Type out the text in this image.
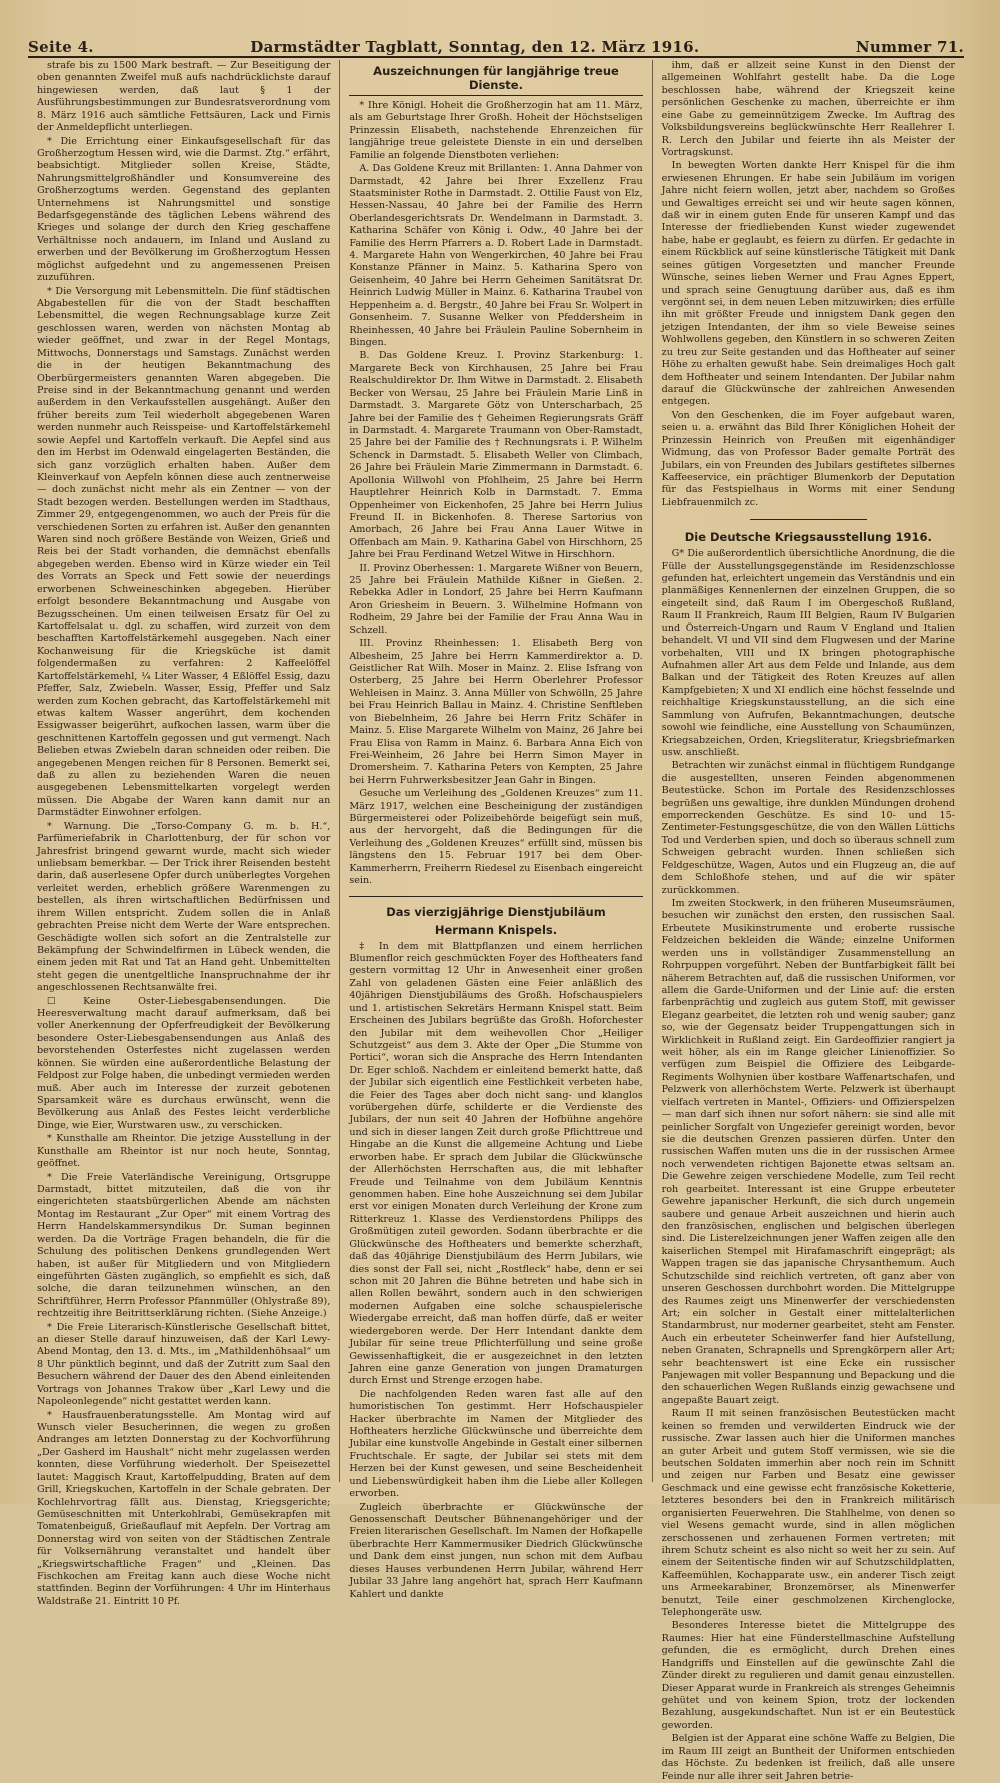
Seite 4.	Darmstädter Tagblatt, Sonntag, den 12. März 1916.	Nummer 71.

strafe bis zu 1500 Mark bestraft. — Zur Beseitigung der oben genannten Zweifel muß aufs nachdrücklichste darauf hingewiesen werden, daß laut § 1 der Ausführungsbestimmungen zur Bundesratsverordnung vom 8. März 1916 auch sämtliche Fettsäuren, Lack und Firnis der Anmeldepflicht unterliegen.

* Die Errichtung einer Einkaufsgesellschaft für das Großherzogtum Hessen wird, wie die Darmst. Ztg.“ erfährt, beabsichtigt. Mitglieder sollen Kreise, Städte, Nahrungsmittelgroßhändler und Konsumvereine des Großherzogtums werden. Gegenstand des geplanten Unternehmens ist Nahrungsmittel und sonstige Bedarfsgegenstände des täglichen Lebens während des Krieges und solange der durch den Krieg geschaffene Verhältnisse noch andauern, im Inland und Ausland zu erwerben und der Bevölkerung im Großherzogtum Hessen möglichst aufgedehnt und zu angemessenen Preisen zuzuführen.

* Die Versorgung mit Lebensmitteln. Die fünf städtischen Abgabestellen für die von der Stadt beschafften Lebensmittel, die wegen Rechnungsablage kurze Zeit geschlossen waren, werden von nächsten Montag ab wieder geöffnet, und zwar in der Regel Montags, Mittwochs, Donnerstags und Samstags. Zunächst werden die in der heutigen Bekanntmachung des Oberbürgermeisters genannten Waren abgegeben. Die Preise sind in der Bekanntmachung genannt und werden außerdem in den Verkaufsstellen ausgehängt. Außer den früher bereits zum Teil wiederholt abgegebenen Waren werden nunmehr auch Reisspeise- und Kartoffelstärkemehl sowie Aepfel und Kartoffeln verkauft. Die Aepfel sind aus den im Herbst im Odenwald eingelagerten Beständen, die sich ganz vorzüglich erhalten haben. Außer dem Kleinverkauf von Aepfeln können diese auch zentnerweise — doch zunächst nicht mehr als ein Zentner — von der Stadt bezogen werden. Bestellungen werden im Stadthaus, Zimmer 29, entgegengenommen, wo auch der Preis für die verschiedenen Sorten zu erfahren ist. Außer den genannten Waren sind noch größere Bestände von Weizen, Grieß und Reis bei der Stadt vorhanden, die demnächst ebenfalls abgegeben werden. Ebenso wird in Kürze wieder ein Teil des Vorrats an Speck und Fett sowie der neuerdings erworbenen Schweineschinken abgegeben. Hierüber erfolgt besondere Bekanntmachung und Ausgabe von Bezugsscheinen. Um einen teilweisen Ersatz für Oel zu Kartoffelsalat u. dgl. zu schaffen, wird zurzeit von dem beschafften Kartoffelstärkemehl ausgegeben. Nach einer Kochanweisung für die Kriegsküche ist damit folgendermaßen zu verfahren: 2 Kaffeelöffel Kartoffelstärkemehl, ¼ Liter Wasser, 4 Eßlöffel Essig, dazu Pfeffer, Salz, Zwiebeln. Wasser, Essig, Pfeffer und Salz werden zum Kochen gebracht, das Kartoffelstärkemehl mit etwas kaltem Wasser angerührt, dem kochenden Essigwasser beigerührt, aufkochen lassen, warm über die geschnittenen Kartoffeln gegossen und gut vermengt. Nach Belieben etwas Zwiebeln daran schneiden oder reiben. Die angegebenen Mengen reichen für 8 Personen. Bemerkt sei, daß zu allen zu beziehenden Waren die neuen ausgegebenen Lebensmittelkarten vorgelegt werden müssen. Die Abgabe der Waren kann damit nur an Darmstädter Einwohner erfolgen.

* Warnung. Die „Torso-Company G. m. b. H.“, Parfümeriefabrik in Charlottenburg, der für schon vor Jahresfrist bringend gewarnt wurde, macht sich wieder unliebsam bemerkbar. — Der Trick ihrer Reisenden besteht darin, daß auserlesene Opfer durch unüberlegtes Vorgehen verleitet werden, erheblich größere Warenmengen zu bestellen, als ihren wirtschaftlichen Bedürfnissen und ihrem Willen entspricht. Zudem sollen die in Anlaß gebrachten Preise nicht dem Werte der Ware entsprechen. Geschädigte wollen sich sofort an die Zentralstelle zur Bekämpfung der Schwindelfirmen in Lübeck wenden, die einem jeden mit Rat und Tat an Hand geht. Unbemittelten steht gegen die unentgeltliche Inanspruchnahme der ihr angeschlossenen Rechtsanwälte frei.

☐ Keine Oster-Liebesgabensendungen. Die Heeresverwaltung macht darauf aufmerksam, daß bei voller Anerkennung der Opferfreudigkeit der Bevölkerung besondere Oster-Liebesgabensendungen aus Anlaß des bevorstehenden Osterfestes nicht zugelassen werden können. Sie würden eine außerordentliche Belastung der Feldpost zur Folge haben, die unbedingt vermieden werden muß. Aber auch im Interesse der zurzeit gebotenen Sparsamkeit wäre es durchaus erwünscht, wenn die Bevölkerung aus Anlaß des Festes leicht verderbliche Dinge, wie Eier, Wurstwaren usw., zu verschicken.

* Kunsthalle am Rheintor. Die jetzige Ausstellung in der Kunsthalle am Rheintor ist nur noch heute, Sonntag, geöffnet.

* Die Freie Vaterländische Vereinigung, Ortsgruppe Darmstadt, bittet mitzuteilen, daß die von ihr eingerichteten staatsbürgerlichen Abende am nächsten Montag im Restaurant „Zur Oper“ mit einem Vortrag des Herrn Handelskammersyndikus Dr. Suman beginnen werden. Da die Vorträge Fragen behandeln, die für die Schulung des politischen Denkens grundlegenden Wert haben, ist außer für Mitgliedern und von Mitgliedern eingeführten Gästen zugänglich, so empfiehlt es sich, daß solche, die daran teilzunehmen wünschen, an den Schriftführer, Herrn Professor Pfannmüller (Ohlystraße 89), rechtzeitig ihre Beitrittserklärung richten. (Siehe Anzeige.)

* Die Freie Literarisch-Künstlerische Gesellschaft bittet, an dieser Stelle darauf hinzuweisen, daß der Karl Lewy-Abend Montag, den 13. d. Mts., im „Mathildenhöhsaal“ um 8 Uhr pünktlich beginnt, und daß der Zutritt zum Saal den Besuchern während der Dauer des den Abend einleitenden Vortrags von Johannes Trakow über „Karl Lewy und die Napoleonlegende“ nicht gestattet werden kann.

* Hausfrauenberatungsstelle. Am Montag wird auf Wunsch vieler Besucherinnen, die wegen zu großen Andranges am letzten Donnerstag zu der Kochvorführung „Der Gasherd im Haushalt“ nicht mehr zugelassen werden konnten, diese Vorführung wiederholt. Der Speisezettel lautet: Maggisch Kraut, Kartoffelpudding, Braten auf dem Grill, Kriegskuchen, Kartoffeln in der Schale gebraten. Der Kochlehrvortrag fällt aus. Dienstag, Kriegsgerichte; Gemüseschnitten mit Unterkohlrabi, Gemüsekrapfen mit Tomatenbeiguß, Grießauflauf mit Aepfeln. Der Vortrag am Donnerstag wird von seiten von der Städtischen Zentrale für Volksernährung veranstaltet und handelt über „Kriegswirtschaftliche Fragen“ und „Kleinen. Das Fischkochen am Freitag kann auch diese Woche nicht stattfinden. Beginn der Vorführungen: 4 Uhr im Hinterhaus Waldstraße 21. Eintritt 10 Pf.

Auszeichnungen für langjährige treue Dienste.

* Ihre Königl. Hoheit die Großherzogin hat am 11. März, als am Geburtstage Ihrer Großh. Hoheit der Höchstseligen Prinzessin Elisabeth, nachstehende Ehrenzeichen für langjährige treue geleistete Dienste in ein und derselben Familie an folgende Dienstboten verliehen:

A. Das Goldene Kreuz mit Brillanten: 1. Anna Dahmer von Darmstadt, 42 Jahre bei Ihrer Exzellenz Frau Staatsminister Rothe in Darmstadt. 2. Ottilie Faust von Elz, Hessen-Nassau, 40 Jahre bei der Familie des Herrn Oberlandesgerichtsrats Dr. Wendelmann in Darmstadt. 3. Katharina Schäfer von König i. Odw., 40 Jahre bei der Familie des Herrn Pfarrers a. D. Robert Lade in Darmstadt. 4. Margarete Hahn von Wengerkirchen, 40 Jahre bei Frau Konstanze Pfänner in Mainz. 5. Katharina Spero von Geisenheim, 40 Jahre bei Herrn Geheimen Sanitätsrat Dr. Heinrich Ludwig Müller in Mainz. 6. Katharina Traubel von Heppenheim a. d. Bergstr., 40 Jahre bei Frau Sr. Wolpert in Gonsenheim. 7. Susanne Welker von Pfeddersheim in Rheinhessen, 40 Jahre bei Fräulein Pauline Sobernheim in Bingen.

B. Das Goldene Kreuz. I. Provinz Starkenburg: 1. Margarete Beck von Kirchhausen, 25 Jahre bei Frau Realschuldirektor Dr. Ihm Witwe in Darmstadt. 2. Elisabeth Becker von Wersau, 25 Jahre bei Fräulein Marie Linß in Darmstadt. 3. Margarete Götz von Unterscharbach, 25 Jahre bei der Familie des † Geheimen Regierungsrats Gräff in Darmstadt. 4. Margarete Traumann von Ober-Ramstadt, 25 Jahre bei der Familie des † Rechnungsrats i. P. Wilhelm Schenck in Darmstadt. 5. Elisabeth Weller von Climbach, 26 Jahre bei Fräulein Marie Zimmermann in Darmstadt. 6. Apollonia Willwohl von Pfohlheim, 25 Jahre bei Herrn Hauptlehrer Heinrich Kolb in Darmstadt. 7. Emma Oppenheimer von Eickenhofen, 25 Jahre bei Herrn Julius Freund II. in Bickenhofen. 8. Therese Sartorius von Amorbach, 26 Jahre bei Frau Anna Lauer Witwe in Offenbach am Main. 9. Katharina Gabel von Hirschhorn, 25 Jahre bei Frau Ferdinand Wetzel Witwe in Hirschhorn.

II. Provinz Oberhessen: 1. Margarete Wißner von Beuern, 25 Jahre bei Fräulein Mathilde Kißner in Gießen. 2. Rebekka Adler in Londorf, 25 Jahre bei Herrn Kaufmann Aron Griesheim in Beuern. 3. Wilhelmine Hofmann von Rodheim, 29 Jahre bei der Familie der Frau Anna Wau in Schzell.

III. Provinz Rheinhessen: 1. Elisabeth Berg von Albesheim, 25 Jahre bei Herrn Kammerdirektor a. D. Geistlicher Rat Wilh. Moser in Mainz. 2. Elise Isfrang von Osterberg, 25 Jahre bei Herrn Oberlehrer Professor Wehleisen in Mainz. 3. Anna Müller von Schwölln, 25 Jahre bei Frau Heinrich Ballau in Mainz. 4. Christine Senftleben von Biebelnheim, 26 Jahre bei Herrn Fritz Schäfer in Mainz. 5. Elise Margarete Wilhelm von Mainz, 26 Jahre bei Frau Elisa von Ramm in Mainz. 6. Barbara Anna Eich von Frei-Weinheim, 26 Jahre bei Herrn Simon Mayer in Dromersheim. 7. Katharina Peters von Kempten, 25 Jahre bei Herrn Fuhrwerksbesitzer Jean Gahr in Bingen.

Gesuche um Verleihung des „Goldenen Kreuzes“ zum 11. März 1917, welchen eine Bescheinigung der zuständigen Bürgermeisterei oder Polizeibehörde beigefügt sein muß, aus der hervorgeht, daß die Bedingungen für die Verleihung des „Goldenen Kreuzes“ erfüllt sind, müssen bis längstens den 15. Februar 1917 bei dem Ober-Kammerherrn, Freiherrn Riedesel zu Eisenbach eingereicht sein.

Das vierzigjährige Dienstjubiläum
Hermann Knispels.

‡ In dem mit Blattpflanzen und einem herrlichen Blumenflor reich geschmückten Foyer des Hoftheaters fand gestern vormittag 12 Uhr in Anwesenheit einer großen Zahl von geladenen Gästen eine Feier anläßlich des 40jährigen Dienstjubiläums des Großh. Hofschauspielers und 1. artistischen Sekretärs Hermann Knispel statt. Beim Erscheinen des Jubilars begrüßte das Großh. Hoforchester den Jubilar mit dem weihevollen Chor „Heiliger Schutzgeist“ aus dem 3. Akte der Oper „Die Stumme von Portici“, woran sich die Ansprache des Herrn Intendanten Dr. Eger schloß. Nachdem er einleitend bemerkt hatte, daß der Jubilar sich eigentlich eine Festlichkeit verbeten habe, die Feier des Tages aber doch nicht sang- und klanglos vorübergehen dürfe, schilderte er die Verdienste des Jubilars, der nun seit 40 Jahren der Hofbühne angehöre und sich in dieser langen Zeit durch große Pflichttreue und Hingabe an die Kunst die allgemeine Achtung und Liebe erworben habe. Er sprach dem Jubilar die Glückwünsche der Allerhöchsten Herrschaften aus, die mit lebhafter Freude und Teilnahme von dem Jubiläum Kenntnis genommen haben. Eine hohe Auszeichnung sei dem Jubilar erst vor einigen Monaten durch Verleihung der Krone zum Ritterkreuz 1. Klasse des Verdienstordens Philipps des Großmütigen zuteil geworden. Sodann überbrachte er die Glückwünsche des Hoftheaters und bemerkte scherzhaft, daß das 40jährige Dienstjubiläum des Herrn Jubilars, wie dies sonst der Fall sei, nicht „Rostfleck“ habe, denn er sei schon mit 20 Jahren die Bühne betreten und habe sich in allen Rollen bewährt, sondern auch in den schwierigen modernen Aufgaben eine solche schauspielerische Wiedergabe erreicht, daß man hoffen dürfe, daß er weiter wiedergeboren werde. Der Herr Intendant dankte dem Jubilar für seine treue Pflichterfüllung und seine große Gewissenhaftigkeit, die er ausgezeichnet in den letzten Jahren eine ganze Generation von jungen Dramaturgen durch Ernst und Strenge erzogen habe.

Die nachfolgenden Reden waren fast alle auf den humoristischen Ton gestimmt. Herr Hofschauspieler Hacker überbrachte im Namen der Mitglieder des Hoftheaters herzliche Glückwünsche und überreichte dem Jubilar eine kunstvolle Angebinde in Gestalt einer silbernen Fruchtschale. Er sagte, der Jubilar sei stets mit dem Herzen bei der Kunst gewesen, und seine Bescheidenheit und Liebenswürdigkeit haben ihm die Liebe aller Kollegen erworben.

Zugleich überbrachte er Glückwünsche der Genossenschaft Deutscher Bühnenangehöriger und der Freien literarischen Gesellschaft. Im Namen der Hofkapelle überbrachte Herr Kammermusiker Diedrich Glückwünsche und Dank dem einst jungen, nun schon mit dem Aufbau dieses Hauses verbundenen Herrn Jubilar, während Herr Jubilar 33 Jahre lang angehört hat, sprach Herr Kaufmann Kahlert und dankte

ihm, daß er allzeit seine Kunst in den Dienst der allgemeinen Wohlfahrt gestellt habe. Da die Loge beschlossen habe, während der Kriegszeit keine persönlichen Geschenke zu machen, überreichte er ihm eine Gabe zu gemeinnützigem Zwecke. Im Auftrag des Volksbildungsvereins beglückwünschte Herr Reallehrer I. R. Lerch den Jubilar und feierte ihn als Meister der Vortragskunst.

In bewegten Worten dankte Herr Knispel für die ihm erwiesenen Ehrungen. Er habe sein Jubiläum im vorigen Jahre nicht feiern wollen, jetzt aber, nachdem so Großes und Gewaltiges erreicht sei und wir heute sagen können, daß wir in einem guten Ende für unseren Kampf und das Interesse der friedliebenden Kunst wieder zugewendet habe, habe er geglaubt, es feiern zu dürfen. Er gedachte in einem Rückblick auf seine künstlerische Tätigkeit mit Dank seines gütigen Vorgesetzten und mancher Freunde Wünsche, seines lieben Werner und Frau Agnes Eppert, und sprach seine Genugtuung darüber aus, daß es ihm vergönnt sei, in dem neuen Leben mitzuwirken; dies erfülle ihn mit größter Freude und innigstem Dank gegen den jetzigen Intendanten, der ihm so viele Beweise seines Wohlwollens gegeben, den Künstlern in so schweren Zeiten zu treu zur Seite gestanden und das Hoftheater auf seiner Höhe zu erhalten gewußt habe. Sein dreimaliges Hoch galt dem Hoftheater und seinem Intendanten. Der Jubilar nahm darauf die Glückwünsche der zahlreichen Anwesenden entgegen.

Von den Geschenken, die im Foyer aufgebaut waren, seien u. a. erwähnt das Bild Ihrer Königlichen Hoheit der Prinzessin Heinrich von Preußen mit eigenhändiger Widmung, das von Professor Bader gemalte Porträt des Jubilars, ein von Freunden des Jubilars gestiftetes silbernes Kaffeeservice, ein prächtiger Blumenkorb der Deputation für das Festspielhaus in Worms mit einer Sendung Liebfrauenmilch zc.

Die Deutsche Kriegsausstellung 1916.

G* Die außerordentlich übersichtliche Anordnung, die die Fülle der Ausstellungsgegenstände im Residenzschlosse gefunden hat, erleichtert ungemein das Verständnis und ein planmäßiges Kennenlernen der einzelnen Gruppen, die so eingeteilt sind, daß Raum I im Obergeschoß Rußland, Raum II Frankreich, Raum III Belgien, Raum IV Bulgarien und Österreich-Ungarn und Raum V England und Italien behandelt. VI und VII sind dem Flugwesen und der Marine vorbehalten, VIII und IX bringen photographische Aufnahmen aller Art aus dem Felde und Inlande, aus dem Balkan und der Tätigkeit des Roten Kreuzes auf allen Kampfgebieten; X und XI endlich eine höchst fesselnde und reichhaltige Kriegskunstausstellung, an die sich eine Sammlung von Aufrufen, Bekanntmachungen, deutsche sowohl wie feindliche, eine Ausstellung von Schaumünzen, Kriegsabzeichen, Orden, Kriegsliteratur, Kriegsbriefmarken usw. anschließt.

Betrachten wir zunächst einmal in flüchtigem Rundgange die ausgestellten, unseren Feinden abgenommenen Beutestücke. Schon im Portale des Residenzschlosses begrüßen uns gewaltige, ihre dunklen Mündungen drohend emporreckenden Geschütze. Es sind 10- und 15-Zentimeter-Festungsgeschütze, die von den Wällen Lüttichs Tod und Verderben spien, und doch so überaus schnell zum Schweigen gebracht wurden. Ihnen schließen sich Feldgeschütze, Wagen, Autos und ein Flugzeug an, die auf dem Schloßhofe stehen, und auf die wir später zurückkommen.

Im zweiten Stockwerk, in den früheren Museumsräumen, besuchen wir zunächst den ersten, den russischen Saal. Erbeutete Musikinstrumente und eroberte russische Feldzeichen bekleiden die Wände; einzelne Uniformen werden uns in vollständiger Zusammenstellung an Rohrpuppen vorgeführt. Neben der Buntfarbigkeit fällt bei näherem Betrachten auf, daß die russischen Uniformen, vor allem die Garde-Uniformen und der Linie auf: die ersten farbenprächtig und zugleich aus gutem Stoff, mit gewisser Eleganz gearbeitet, die letzten roh und wenig sauber; ganz so, wie der Gegensatz beider Truppengattungen sich in Wirklichkeit in Rußland zeigt. Ein Gardeoffizier rangiert ja weit höher, als ein im Range gleicher Linienoffizier. So verfügen zum Beispiel die Offiziere des Leibgarde-Regiments Wolhynien über kostbare Waffenartschafen, und Pelzwerk von allerhöchstem Werte. Pelzwerk ist überhaupt vielfach vertreten in Mantel-, Offiziers- und Offizierspelzen — man darf sich ihnen nur sofort nähern: sie sind alle mit peinlicher Sorgfalt von Ungeziefer gereinigt worden, bevor sie die deutschen Grenzen passieren dürfen. Unter den russischen Waffen muten uns die in der russischen Armee noch verwendeten richtigen Bajonette etwas seltsam an. Die Gewehre zeigen verschiedene Modelle, zum Teil recht roh gearbeitet. Interessant ist eine Gruppe erbeuteter Gewehre japanischer Herkunft, die sich durch ungemein saubere und genaue Arbeit auszeichnen und hierin auch den französischen, englischen und belgischen überlegen sind. Die Listerelzeichnungen jener Waffen zeigen alle den kaiserlichen Stempel mit Hirafamaschrift eingeprägt; als Wappen tragen sie das japanische Chrysanthemum. Auch Schutzschilde sind reichlich vertreten, oft ganz aber von unseren Geschossen durchbohrt worden. Die Mittelgruppe des Raumes zeigt uns Minenwerfer der verschiedensten Art; ein solcher in Gestalt einer mittelalterlichen Standarmbrust, nur moderner gearbeitet, steht am Fenster. Auch ein erbeuteter Scheinwerfer fand hier Aufstellung, neben Granaten, Schrapnells und Sprengkörpern aller Art; sehr beachtenswert ist eine Ecke ein russischer Panjewagen mit voller Bespannung und Bepackung und die den schauerlichen Wegen Rußlands einzig gewachsene und angepaßte Bauart zeigt.

Raum II mit seinen französischen Beutestücken macht keinen so fremden und verwilderten Eindruck wie der russische. Zwar lassen auch hier die Uniformen manches an guter Arbeit und gutem Stoff vermissen, wie sie die beutschen Soldaten immerhin aber noch rein im Schnitt und zeigen nur Farben und Besatz eine gewisser Geschmack und eine gewisse echt französische Koketterie, letzteres besonders bei den in Frankreich militärisch organisierten Feuerwehren. Die Stahlhelme, von denen so viel Wesens gemacht wurde, sind in allen möglichen zerschossenen und zerhauenen Formen vertreten; mit ihrem Schutz scheint es also nicht so weit her zu sein. Auf einem der Seitentische finden wir auf Schutzschildplatten, Kaffeemühlen, Kochapparate usw., ein anderer Tisch zeigt uns Armeekarabiner, Bronzemörser, als Minenwerfer benutzt, Teile einer geschmolzenen Kirchenglocke, Telephongeräte usw.

Besonderes Interesse bietet die Mittelgruppe des Raumes: Hier hat eine Fünderstellmaschine Aufstellung gefunden, die es ermöglicht, durch Drehen eines Handgriffs und Einstellen auf die gewünschte Zahl die Zünder direkt zu regulieren und damit genau einzustellen. Dieser Apparat wurde in Frankreich als strenges Geheimnis gehütet und von keinem Spion, trotz der lockenden Bezahlung, ausgekundschaftet. Nun ist er ein Beutestück geworden.

Belgien ist der Apparat eine schöne Waffe zu Belgien, Die im Raum III zeigt an Buntheit der Uniformen entschieden das Höchste. Zu bedenken ist freilich, daß alle unsere Feinde nur alle ihrer seit Jahren betrie-
